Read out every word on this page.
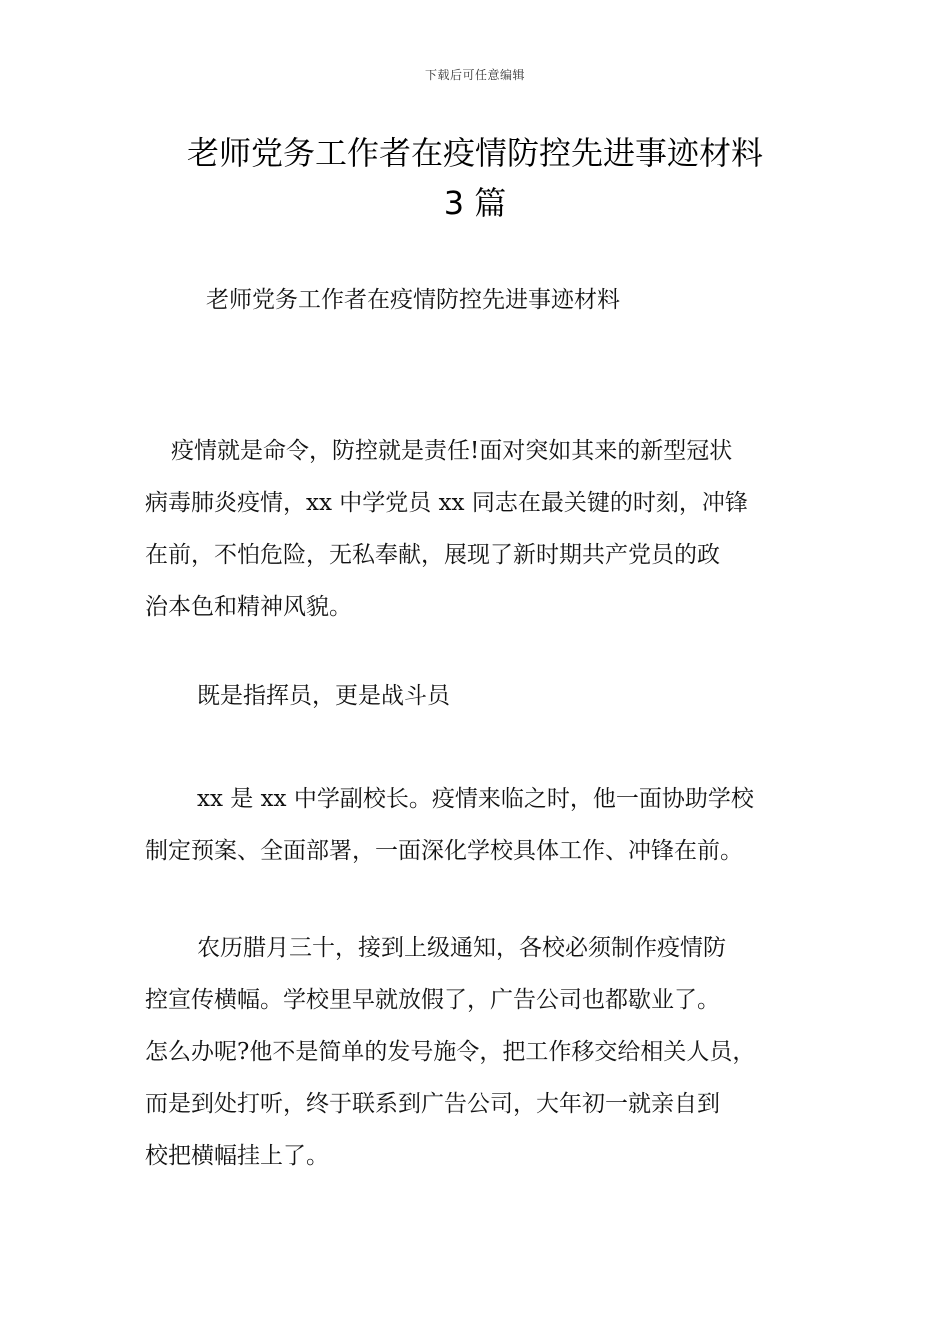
下载后可任意编辑
老师党务工作者在疫情防控先进事迹材料
3 篇

老师党务工作者在疫情防控先进事迹材料

疫情就是命令，防控就是责任!面对突如其来的新型冠状
病毒肺炎疫情，xx 中学党员 xx 同志在最关键的时刻，冲锋
在前，不怕危险，无私奉献，展现了新时期共产党员的政
治本色和精神风貌。

既是指挥员，更是战斗员

xx 是 xx 中学副校长。疫情来临之时，他一面协助学校
制定预案、全面部署，一面深化学校具体工作、冲锋在前。

农历腊月三十，接到上级通知，各校必须制作疫情防
控宣传横幅。学校里早就放假了，广告公司也都歇业了。
怎么办呢?他不是简单的发号施令，把工作移交给相关人员，
而是到处打听，终于联系到广告公司，大年初一就亲自到
校把横幅挂上了。
